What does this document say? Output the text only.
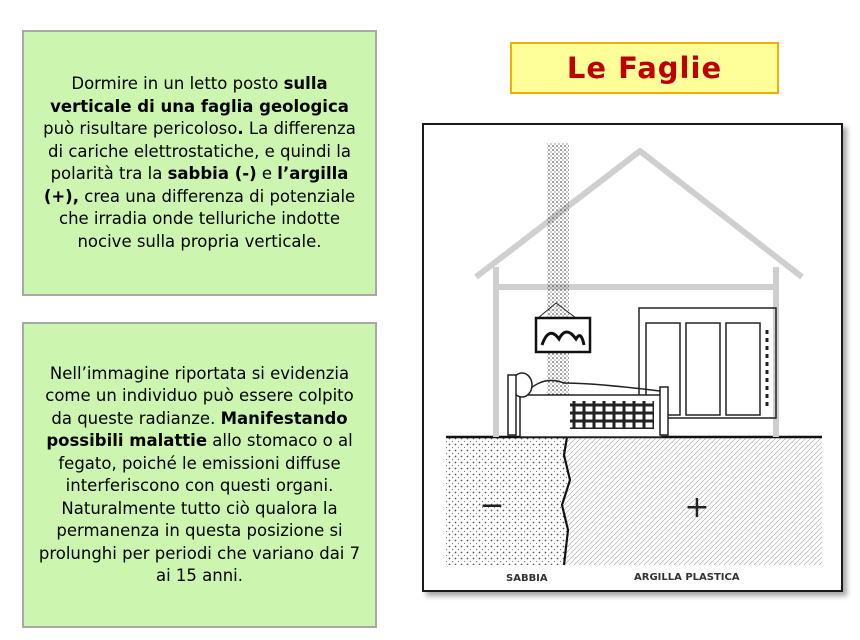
Dormire in un letto posto sulla verticale di una faglia geologica può risultare pericoloso. La differenza di cariche elettrostatiche, e quindi la polarità tra la sabbia (-) e l’argilla (+), crea una differenza di potenziale che irradia onde telluriche indotte nocive sulla propria verticale.

Nell’immagine riportata si evidenzia come un individuo può essere colpito da queste radianze. Manifestando possibili malattie allo stomaco o al fegato, poiché le emissioni diffuse interferiscono con questi organi. Naturalmente tutto ciò qualora la permanenza in questa posizione si prolunghi per periodi che variano dai 7 ai 15 anni.

Le Faglie
−	+
SABBIA	ARGILLA PLASTICA
